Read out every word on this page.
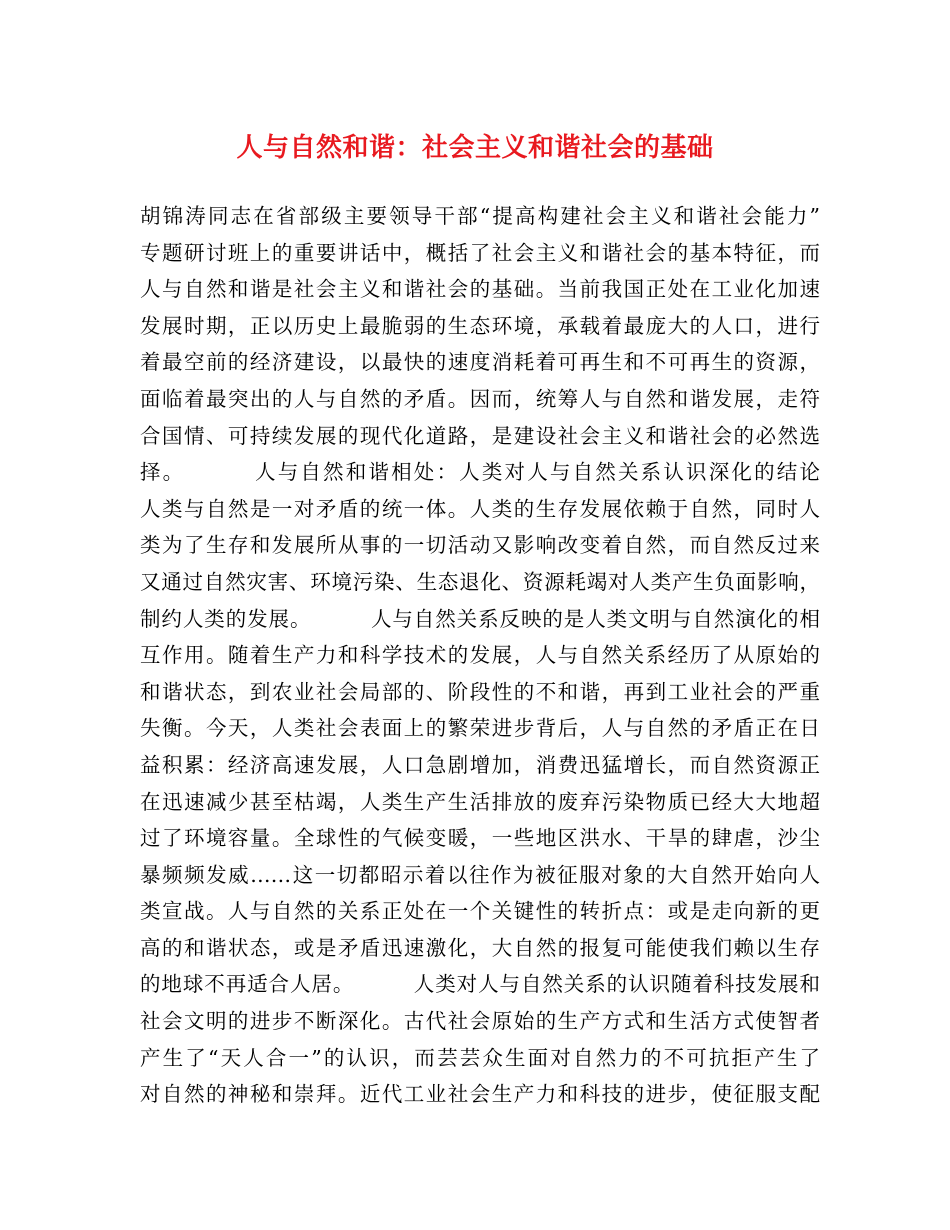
人与自然和谐：社会主义和谐社会的基础
胡锦涛同志在省部级主要领导干部“提高构建社会主义和谐社会能力”
专题研讨班上的重要讲话中，概括了社会主义和谐社会的基本特征，而
人与自然和谐是社会主义和谐社会的基础。当前我国正处在工业化加速
发展时期，正以历史上最脆弱的生态环境，承载着最庞大的人口，进行
着最空前的经济建设，以最快的速度消耗着可再生和不可再生的资源，
面临着最突出的人与自然的矛盾。因而，统筹人与自然和谐发展，走符
合国情、可持续发展的现代化道路，是建设社会主义和谐社会的必然选
择。        人与自然和谐相处：人类对人与自然关系认识深化的结论
人类与自然是一对矛盾的统一体。人类的生存发展依赖于自然，同时人
类为了生存和发展所从事的一切活动又影响改变着自然，而自然反过来
又通过自然灾害、环境污染、生态退化、资源耗竭对人类产生负面影响，
制约人类的发展。        人与自然关系反映的是人类文明与自然演化的相
互作用。随着生产力和科学技术的发展，人与自然关系经历了从原始的
和谐状态，到农业社会局部的、阶段性的不和谐，再到工业社会的严重
失衡。今天，人类社会表面上的繁荣进步背后，人与自然的矛盾正在日
益积累：经济高速发展，人口急剧增加，消费迅猛增长，而自然资源正
在迅速减少甚至枯竭，人类生产生活排放的废弃污染物质已经大大地超
过了环境容量。全球性的气候变暖，一些地区洪水、干旱的肆虐，沙尘
暴频频发威……这一切都昭示着以往作为被征服对象的大自然开始向人
类宣战。人与自然的关系正处在一个关键性的转折点：或是走向新的更
高的和谐状态，或是矛盾迅速激化，大自然的报复可能使我们赖以生存
的地球不再适合人居。        人类对人与自然关系的认识随着科技发展和
社会文明的进步不断深化。古代社会原始的生产方式和生活方式使智者
产生了“天人合一”的认识，而芸芸众生面对自然力的不可抗拒产生了
对自然的神秘和崇拜。近代工业社会生产力和科技的进步，使征服支配
